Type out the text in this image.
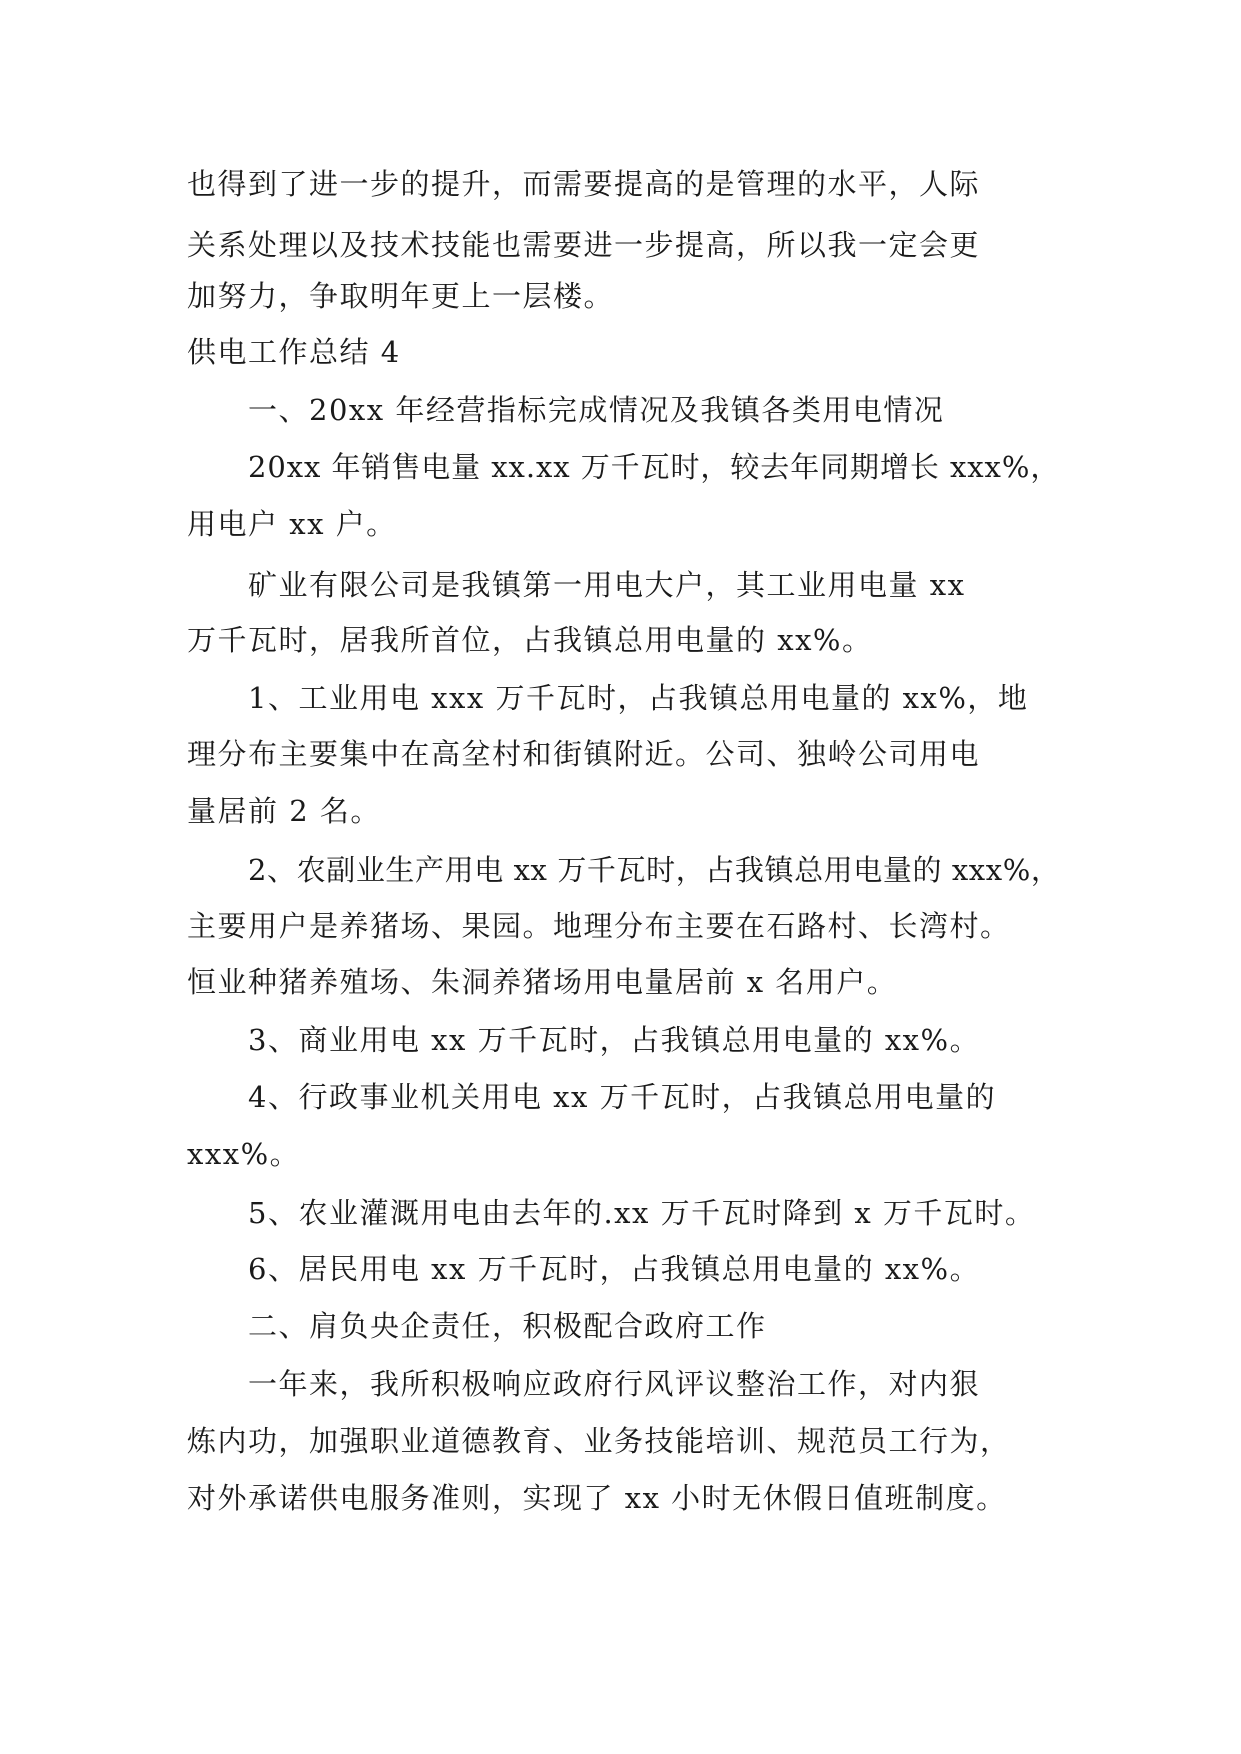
也得到了进一步的提升，而需要提高的是管理的水平，人际
关系处理以及技术技能也需要进一步提高，所以我一定会更
加努力，争取明年更上一层楼。
供电工作总结 4
一、20xx 年经营指标完成情况及我镇各类用电情况
20xx 年销售电量 xx.xx 万千瓦时，较去年同期增长 xxx%，
用电户 xx 户。
矿业有限公司是我镇第一用电大户，其工业用电量 xx
万千瓦时，居我所首位，占我镇总用电量的 xx%。
1、工业用电 xxx 万千瓦时，占我镇总用电量的 xx%，地
理分布主要集中在高坌村和街镇附近。公司、独岭公司用电
量居前 2 名。
2、农副业生产用电 xx 万千瓦时，占我镇总用电量的 xxx%，
主要用户是养猪场、果园。地理分布主要在石路村、长湾村。
恒业种猪养殖场、朱洞养猪场用电量居前 x 名用户。
3、商业用电 xx 万千瓦时，占我镇总用电量的 xx%。
4、行政事业机关用电 xx 万千瓦时，占我镇总用电量的
xxx%。
5、农业灌溉用电由去年的.xx 万千瓦时降到 x 万千瓦时。
6、居民用电 xx 万千瓦时，占我镇总用电量的 xx%。
二、肩负央企责任，积极配合政府工作
一年来，我所积极响应政府行风评议整治工作，对内狠
炼内功，加强职业道德教育、业务技能培训、规范员工行为，
对外承诺供电服务准则，实现了 xx 小时无休假日值班制度。
